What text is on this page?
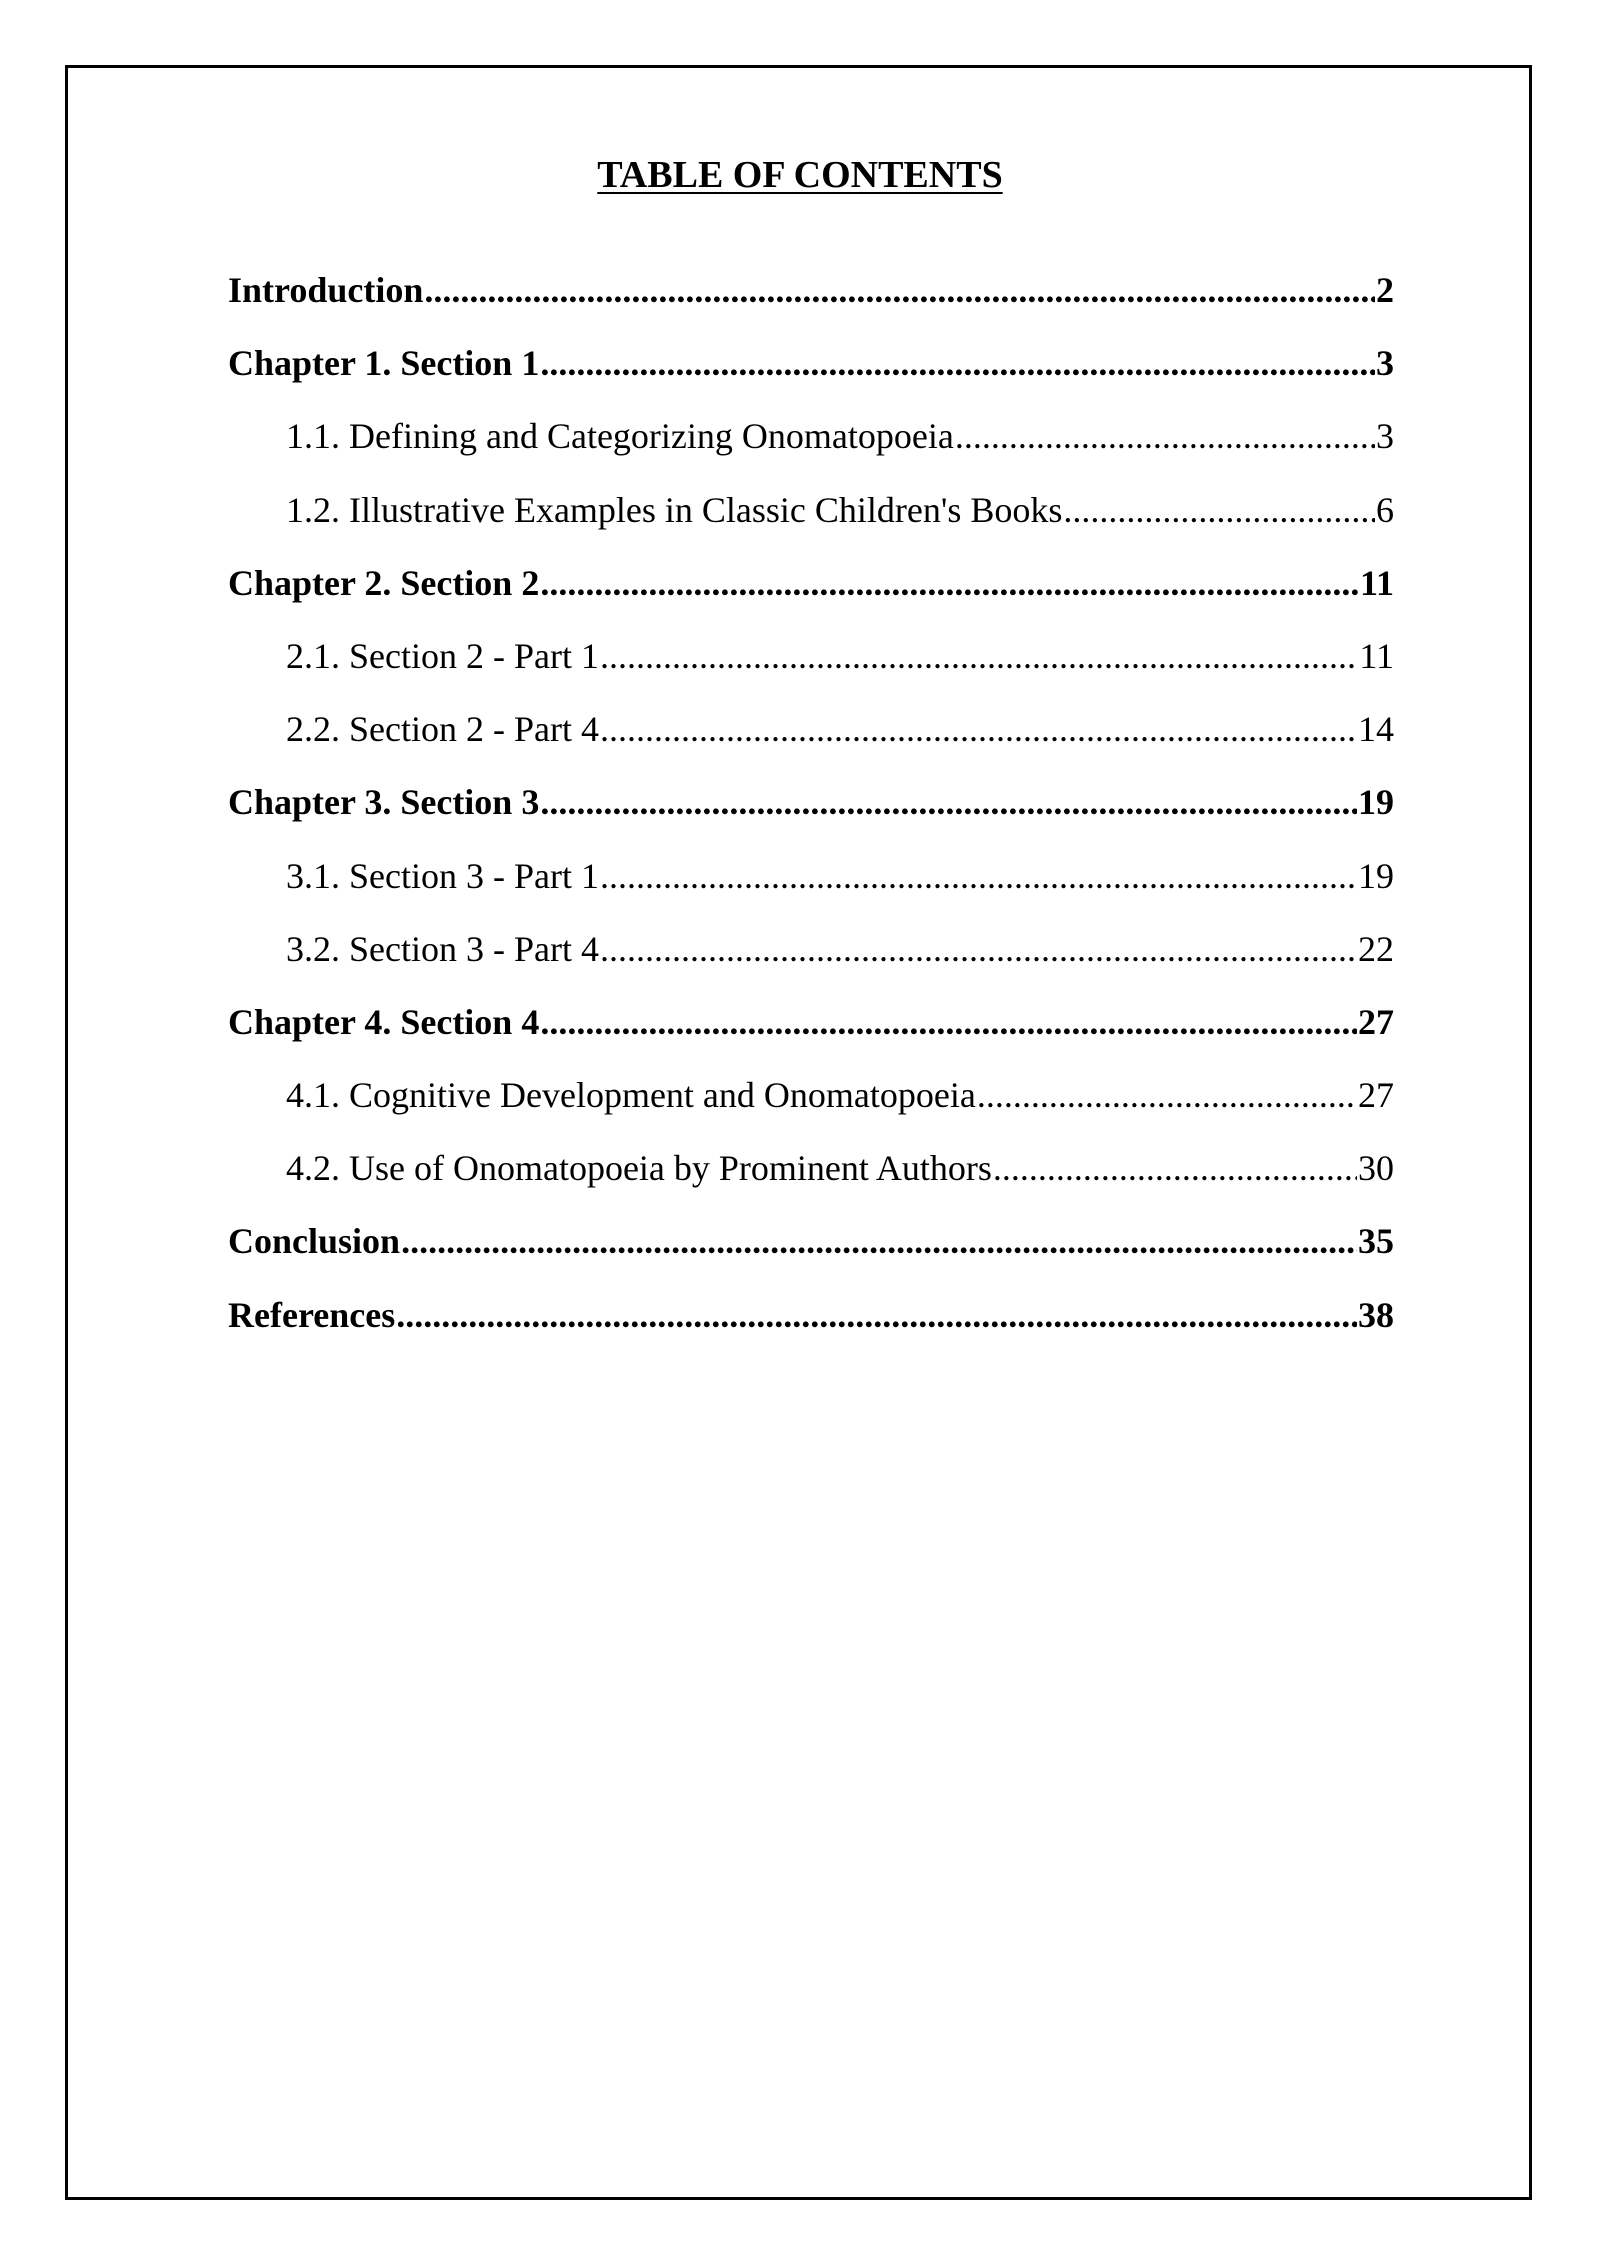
TABLE OF CONTENTS
Introduction .....	2
Chapter 1. Section 1 .....	3
1.1. Defining and Categorizing Onomatopoeia .....	3
1.2. Illustrative Examples in Classic Children's Books .....	6
Chapter 2. Section 2 .....	11
2.1. Section 2 - Part 1 .....	11
2.2. Section 2 - Part 4 .....	14
Chapter 3. Section 3 .....	19
3.1. Section 3 - Part 1 .....	19
3.2. Section 3 - Part 4 .....	22
Chapter 4. Section 4 .....	27
4.1. Cognitive Development and Onomatopoeia .....	27
4.2. Use of Onomatopoeia by Prominent Authors .....	30
Conclusion .....	35
References .....	38
